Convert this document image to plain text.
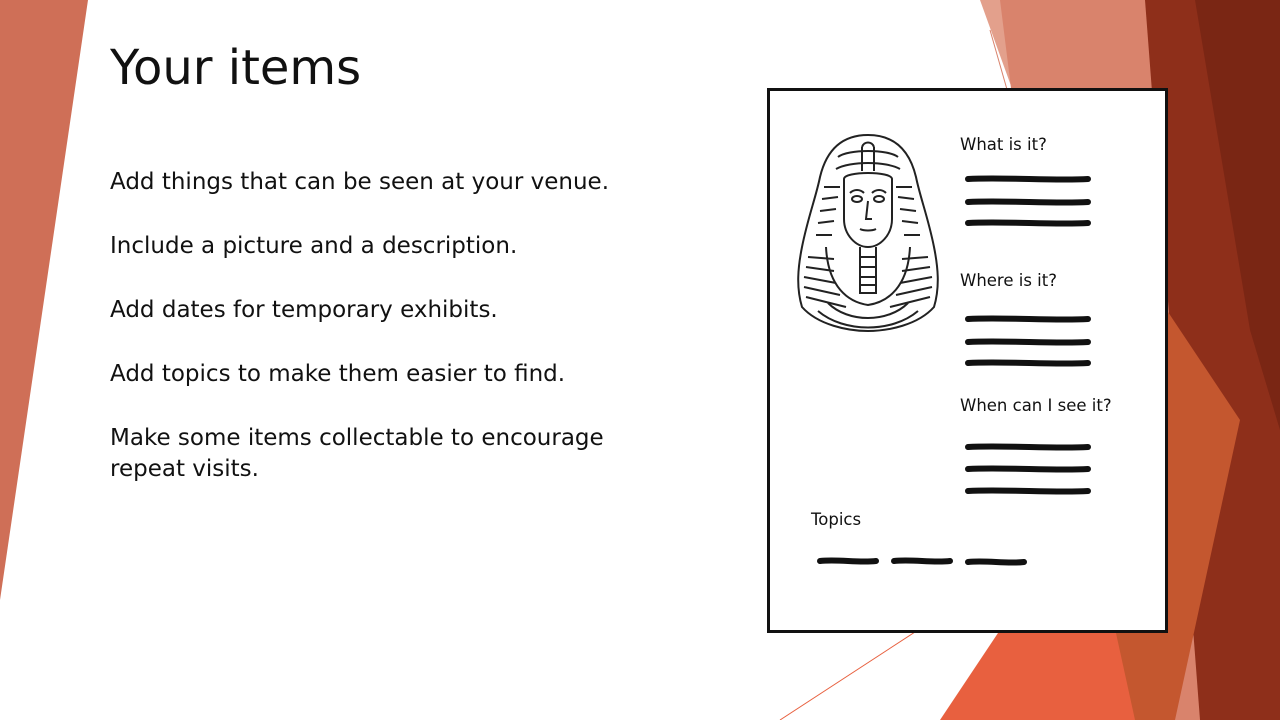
Your items
Add things that can be seen at your venue.
Include a picture and a description.
Add dates for temporary exhibits.
Add topics to make them easier to find.
Make some items collectable to encourage repeat visits.
What is it?
Where is it?
When can I see it?
Topics
